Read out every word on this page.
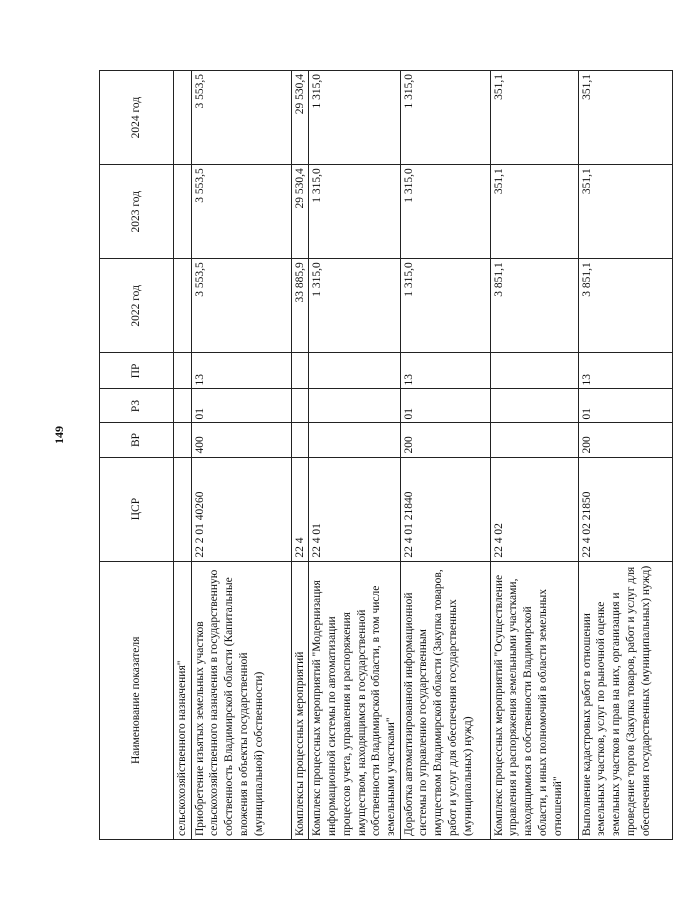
149
Наименование показателя	ЦСР	ВР	РЗ	ПР	2022 год	2023 год	2024 год
сельскохозяйственного назначения"							
Приобретение изъятых земельных участков сельскохозяйственного назначения в государственную собственность Владимирской области (Капитальные вложения в объекты государственной (муниципальной) собственности)	22 2 01 40260	400	01	13	3 553,5	3 553,5	3 553,5
Комплексы процессных мероприятий	22 4				33 885,9	29 530,4	29 530,4
Комплекс процессных мероприятий "Модернизация информационной системы по автоматизации процессов учета, управления и распоряжения имуществом, находящимся в государственной собственности Владимирской области, в том числе земельными участками"	22 4 01				1 315,0	1 315,0	1 315,0
Доработка автоматизированной информационной системы по управлению государственным имуществом Владимирской области (Закупка товаров, работ и услуг для обеспечения государственных (муниципальных) нужд)	22 4 01 21840	200	01	13	1 315,0	1 315,0	1 315,0
Комплекс процессных мероприятий "Осуществление управления и распоряжения земельными участками, находящимися в собственности Владимирской области, и иных полномочий в области земельных отношений"	22 4 02				3 851,1	351,1	351,1
Выполнение кадастровых работ в отношении земельных участков, услуг по рыночной оценке земельных участков и прав на них, организация и проведение торгов (Закупка товаров, работ и услуг для обеспечения государственных (муниципальных) нужд)	22 4 02 21850	200	01	13	3 851,1	351,1	351,1
